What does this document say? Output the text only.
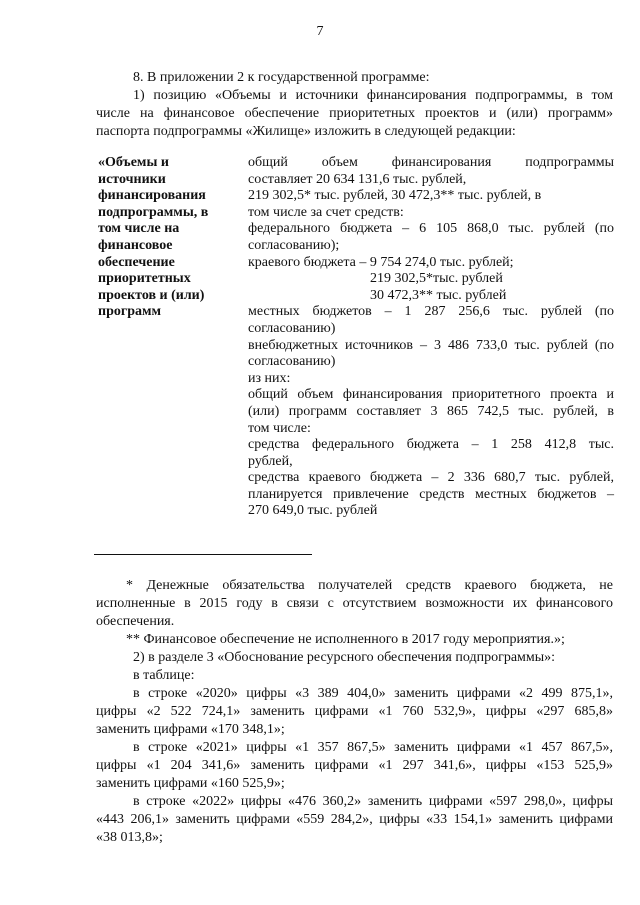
7
8. В приложении 2 к государственной программе:
1) позицию «Объемы и источники финансирования подпрограммы, в том
числе на финансовое обеспечение приоритетных проектов и (или) программ»
паспорта подпрограммы «Жилище» изложить в следующей редакции:
«Объемы и
источники
финансирования
подпрограммы, в
том числе на
финансовое
обеспечение
приоритетных
проектов и (или)
программ
общий объем финансирования подпрограммы
составляет 20 634 131,6 тыс. рублей,
219 302,5* тыс. рублей, 30 472,3** тыс. рублей, в
том числе за счет средств:
федерального бюджета – 6 105 868,0 тыс. рублей (по
согласованию);
краевого бюджета – 9 754 274,0 тыс. рублей;
219 302,5*тыс. рублей
30 472,3** тыс. рублей
местных бюджетов – 1 287 256,6 тыс. рублей (по
согласованию)
внебюджетных источников – 3 486 733,0 тыс. рублей (по
согласованию)
из них:
общий объем финансирования приоритетного проекта и
(или) программ составляет 3 865 742,5 тыс. рублей, в
том числе:
средства федерального бюджета – 1 258 412,8 тыс.
рублей,
средства краевого бюджета – 2 336 680,7 тыс. рублей,
планируется привлечение средств местных бюджетов –
270 649,0 тыс. рублей
* Денежные обязательства получателей средств краевого бюджета, не
исполненные в 2015 году в связи с отсутствием возможности их финансового
обеспечения.
** Финансовое обеспечение не исполненного в 2017 году мероприятия.»;
2) в разделе 3 «Обоснование ресурсного обеспечения подпрограммы»:
в таблице:
в строке «2020» цифры «3 389 404,0» заменить цифрами «2 499 875,1»,
цифры «2 522 724,1» заменить цифрами «1 760 532,9», цифры «297 685,8»
заменить цифрами «170 348,1»;
в строке «2021» цифры «1 357 867,5» заменить цифрами «1 457 867,5»,
цифры «1 204 341,6» заменить цифрами «1 297 341,6», цифры «153 525,9»
заменить цифрами «160 525,9»;
в строке «2022» цифры «476 360,2» заменить цифрами «597 298,0», цифры
«443 206,1» заменить цифрами «559 284,2», цифры «33 154,1» заменить цифрами
«38 013,8»;
